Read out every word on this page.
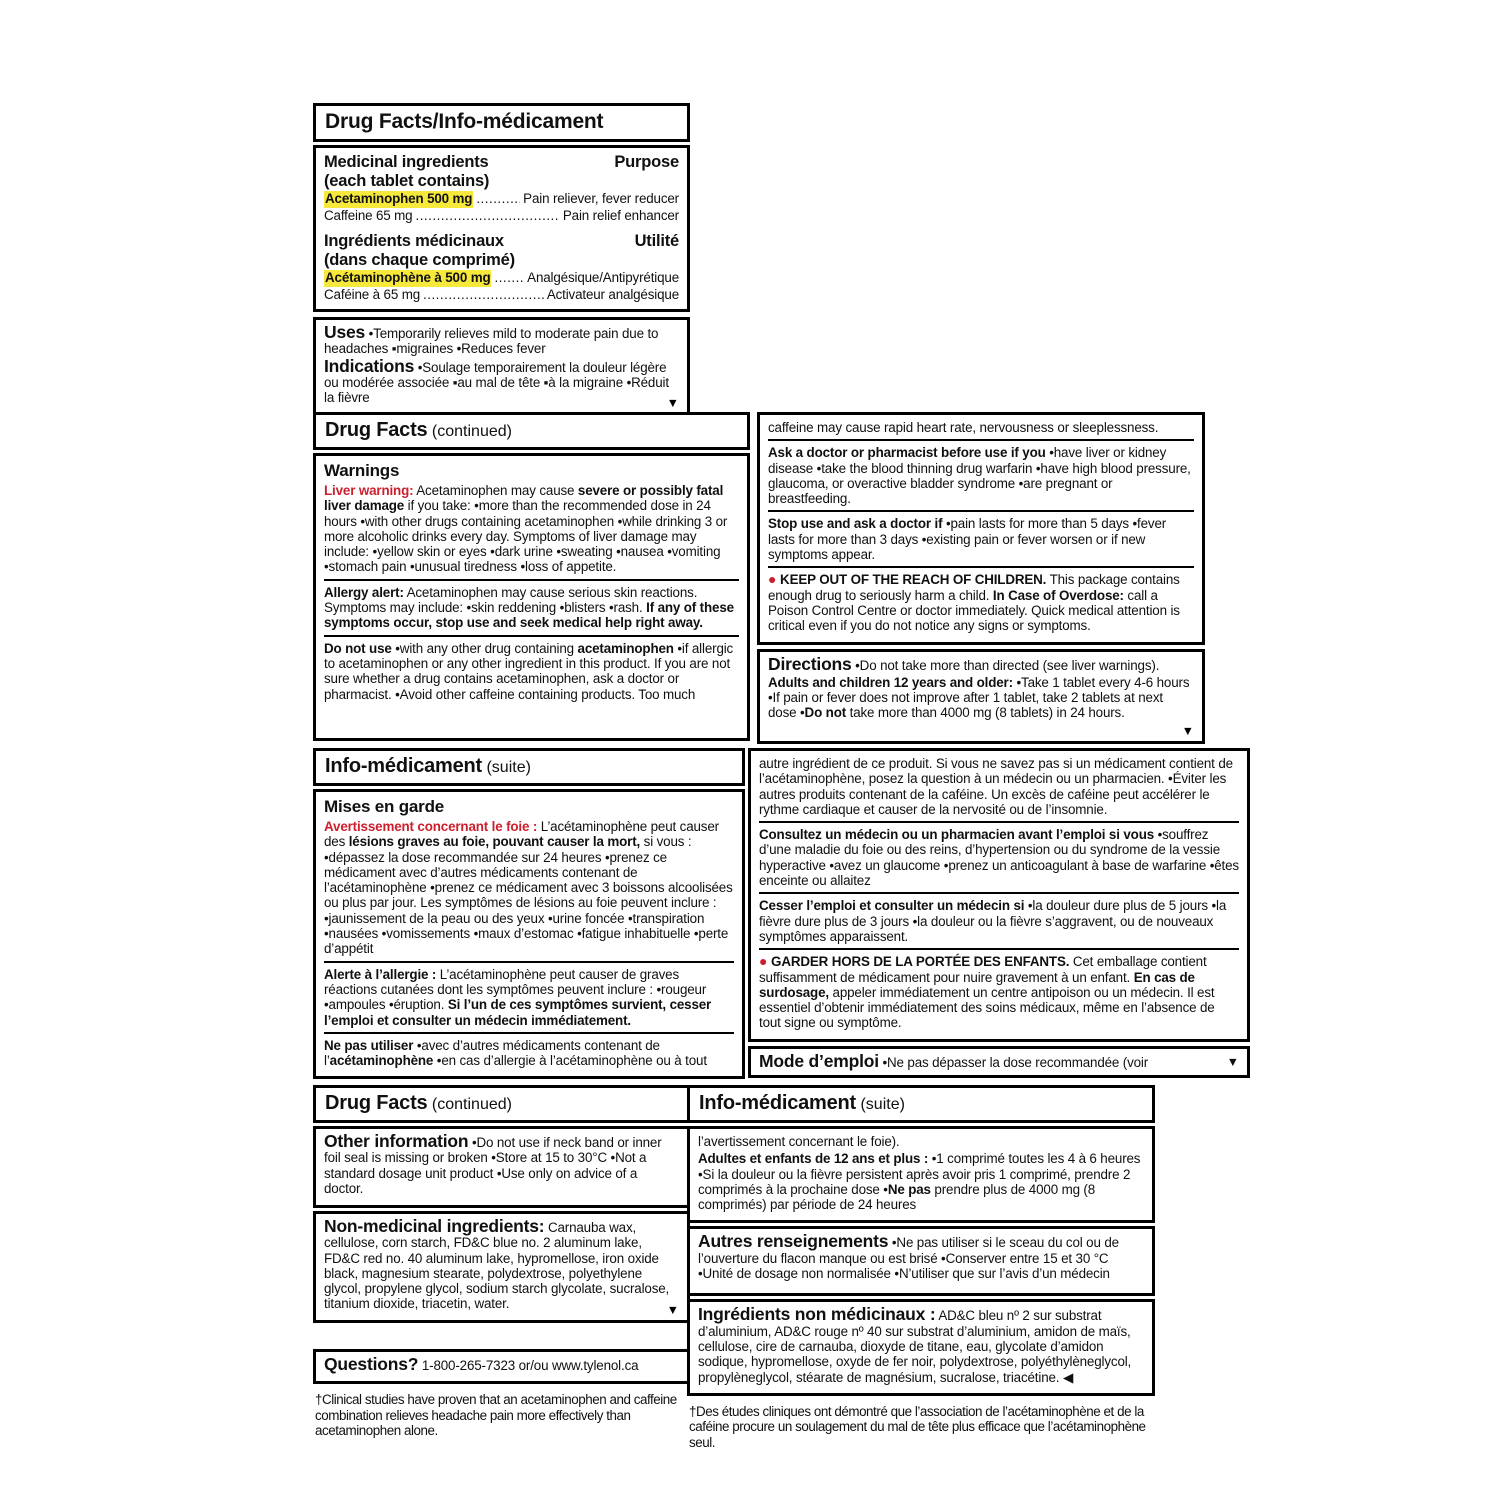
Drug Facts/Info-médicament
Medicinal ingredients	Purpose
(each tablet contains)
Acetaminophen 500 mg .....	Pain reliever, fever reducer
Caffeine 65 mg .....	Pain relief enhancer
Ingrédients médicinaux	Utilité
(dans chaque comprimé)
Acétaminophène à 500 mg .....	Analgésique/Antipyrétique
Caféine à 65 mg .....	Activateur analgésique

Uses •Temporarily relieves mild to moderate pain due to headaches ▪migraines •Reduces fever

Indications •Soulage temporairement la douleur légère ou modérée associée ▪au mal de tête ▪à la migraine •Réduit la fièvre	▼
Drug Facts (continued)
Warnings

Liver warning: Acetaminophen may cause severe or possibly fatal liver damage if you take: •more than the recommended dose in 24 hours •with other drugs containing acetaminophen •while drinking 3 or more alcoholic drinks every day. Symptoms of liver damage may include: •yellow skin or eyes •dark urine •sweating •nausea •vomiting •stomach pain •unusual tiredness •loss of appetite.

Allergy alert: Acetaminophen may cause serious skin reactions. Symptoms may include: •skin reddening •blisters •rash. If any of these symptoms occur, stop use and seek medical help right away.

Do not use •with any other drug containing acetaminophen •if allergic to acetaminophen or any other ingredient in this product. If you are not sure whether a drug contains acetaminophen, ask a doctor or pharmacist. •Avoid other caffeine containing products. Too much

caffeine may cause rapid heart rate, nervousness or sleeplessness.

Ask a doctor or pharmacist before use if you •have liver or kidney disease •take the blood thinning drug warfarin •have high blood pressure, glaucoma, or overactive bladder syndrome •are pregnant or breastfeeding.

Stop use and ask a doctor if •pain lasts for more than 5 days •fever lasts for more than 3 days •existing pain or fever worsen or if new symptoms appear.

● KEEP OUT OF THE REACH OF CHILDREN. This package contains enough drug to seriously harm a child. In Case of Overdose: call a Poison Control Centre or doctor immediately. Quick medical attention is critical even if you do not notice any signs or symptoms.

Directions •Do not take more than directed (see liver warnings).

Adults and children 12 years and older: •Take 1 tablet every 4-6 hours •If pain or fever does not improve after 1 tablet, take 2 tablets at next dose •Do not take more than 4000 mg (8 tablets) in 24 hours.

▼
Info-médicament (suite)
Mises en garde

Avertissement concernant le foie : L’acétaminophène peut causer des lésions graves au foie, pouvant causer la mort, si vous : •dépassez la dose recommandée sur 24 heures •prenez ce médicament avec d’autres médicaments contenant de l’acétaminophène •prenez ce médicament avec 3 boissons alcoolisées ou plus par jour. Les symptômes de lésions au foie peuvent inclure : •jaunissement de la peau ou des yeux •urine foncée •transpiration •nausées •vomissements •maux d’estomac •fatigue inhabituelle •perte d’appétit

Alerte à l’allergie : L’acétaminophène peut causer de graves réactions cutanées dont les symptômes peuvent inclure : •rougeur •ampoules •éruption. Si l’un de ces symptômes survient, cesser l’emploi et consulter un médecin immédiatement.

Ne pas utiliser •avec d’autres médicaments contenant de l’acétaminophène •en cas d’allergie à l’acétaminophène ou à tout

autre ingrédient de ce produit. Si vous ne savez pas si un médicament contient de l’acétaminophène, posez la question à un médecin ou un pharmacien. •Éviter les autres produits contenant de la caféine. Un excès de caféine peut accélérer le rythme cardiaque et causer de la nervosité ou de l’insomnie.

Consultez un médecin ou un pharmacien avant l’emploi si vous •souffrez d’une maladie du foie ou des reins, d’hypertension ou du syndrome de la vessie hyperactive •avez un glaucome •prenez un anticoagulant à base de warfarine •êtes enceinte ou allaitez

Cesser l’emploi et consulter un médecin si •la douleur dure plus de 5 jours •la fièvre dure plus de 3 jours •la douleur ou la fièvre s’aggravent, ou de nouveaux symptômes apparaissent.

● GARDER HORS DE LA PORTÉE DES ENFANTS. Cet emballage contient suffisamment de médicament pour nuire gravement à un enfant. En cas de surdosage, appeler immédiatement un centre antipoison ou un médecin. Il est essentiel d’obtenir immédiatement des soins médicaux, même en l’absence de tout signe ou symptôme.

Mode d’emploi •Ne pas dépasser la dose recommandée (voir	▼
Drug Facts (continued)

Other information •Do not use if neck band or inner foil seal is missing or broken •Store at 15 to 30°C •Not a standard dosage unit product •Use only on advice of a doctor.

Non-medicinal ingredients: Carnauba wax, cellulose, corn starch, FD&C blue no. 2 aluminum lake, FD&C red no. 40 aluminum lake, hypromellose, iron oxide black, magnesium stearate, polydextrose, polyethylene glycol, propylene glycol, sodium starch glycolate, sucralose, titanium dioxide, triacetin, water.	▼

Questions? 1-800-265-7323 or/ou www.tylenol.ca

†Clinical studies have proven that an acetaminophen and caffeine combination relieves headache pain more effectively than acetaminophen alone.
Info-médicament (suite)

l’avertissement concernant le foie).

Adultes et enfants de 12 ans et plus : •1 comprimé toutes les 4 à 6 heures •Si la douleur ou la fièvre persistent après avoir pris 1 comprimé, prendre 2 comprimés à la prochaine dose •Ne pas prendre plus de 4000 mg (8 comprimés) par période de 24 heures

Autres renseignements •Ne pas utiliser si le sceau du col ou de l’ouverture du flacon manque ou est brisé •Conserver entre 15 et 30 °C •Unité de dosage non normalisée •N’utiliser que sur l’avis d’un médecin

Ingrédients non médicinaux : AD&C bleu nº 2 sur substrat d’aluminium, AD&C rouge nº 40 sur substrat d’aluminium, amidon de maïs, cellulose, cire de carnauba, dioxyde de titane, eau, glycolate d’amidon sodique, hypromellose, oxyde de fer noir, polydextrose, polyéthylèneglycol, propylèneglycol, stéarate de magnésium, sucralose, triacétine. ◀

†Des études cliniques ont démontré que l’association de l’acétaminophène et de la caféine procure un soulagement du mal de tête plus efficace que l’acétaminophène seul.
